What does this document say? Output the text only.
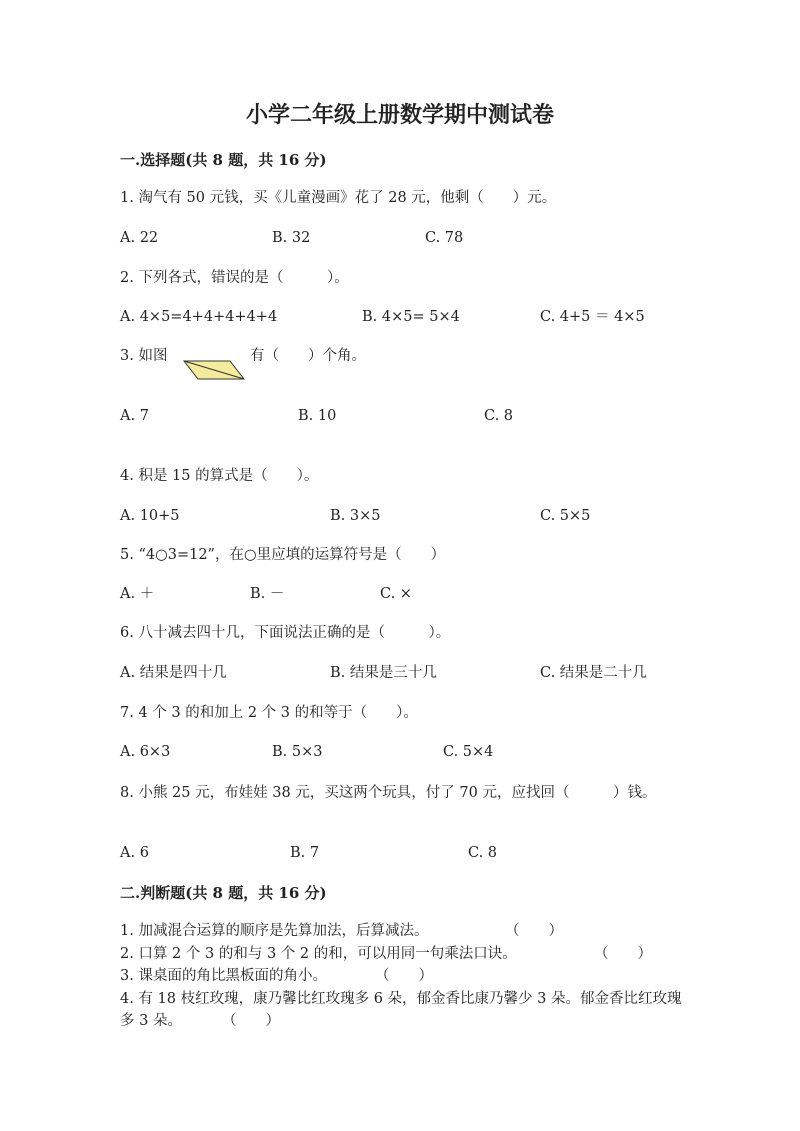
小学二年级上册数学期中测试卷
一.选择题(共 8 题，共 16 分)
1. 淘气有 50 元钱，买《儿童漫画》花了 28 元，他剩（　　）元。
A. 22	B. 32	C. 78
2. 下列各式，错误的是（　　　）。
A. 4×5=4+4+4+4+4	B. 4×5= 5×4	C. 4+5 ＝ 4×5
3. 如图	有（　　）个角。
A. 7	B. 10	C. 8
4. 积是 15 的算式是（　　）。
A. 10+5	B. 3×5	C. 5×5
5. “4○3=12”，在○里应填的运算符号是（　　）
A. ＋	B. －	C. ×
6. 八十减去四十几，下面说法正确的是（　　　）。
A. 结果是四十几	B. 结果是三十几	C. 结果是二十几
7. 4 个 3 的和加上 2 个 3 的和等于（　　）。
A. 6×3	B. 5×3	C. 5×4
8. 小熊 25 元，布娃娃 38 元，买这两个玩具，付了 70 元，应找回（　　　）钱。
A. 6	B. 7	C. 8
二.判断题(共 8 题，共 16 分)
1. 加减混合运算的顺序是先算加法，后算减法。	（　　）
2. 口算 2 个 3 的和与 3 个 2 的和，可以用同一句乘法口诀。	（　　）
3. 课桌面的角比黑板面的角小。	（　　）
4. 有 18 枝红玫瑰，康乃馨比红玫瑰多 6 朵，郁金香比康乃馨少 3 朵。郁金香比红玫瑰多 3 朵。	（　　）
